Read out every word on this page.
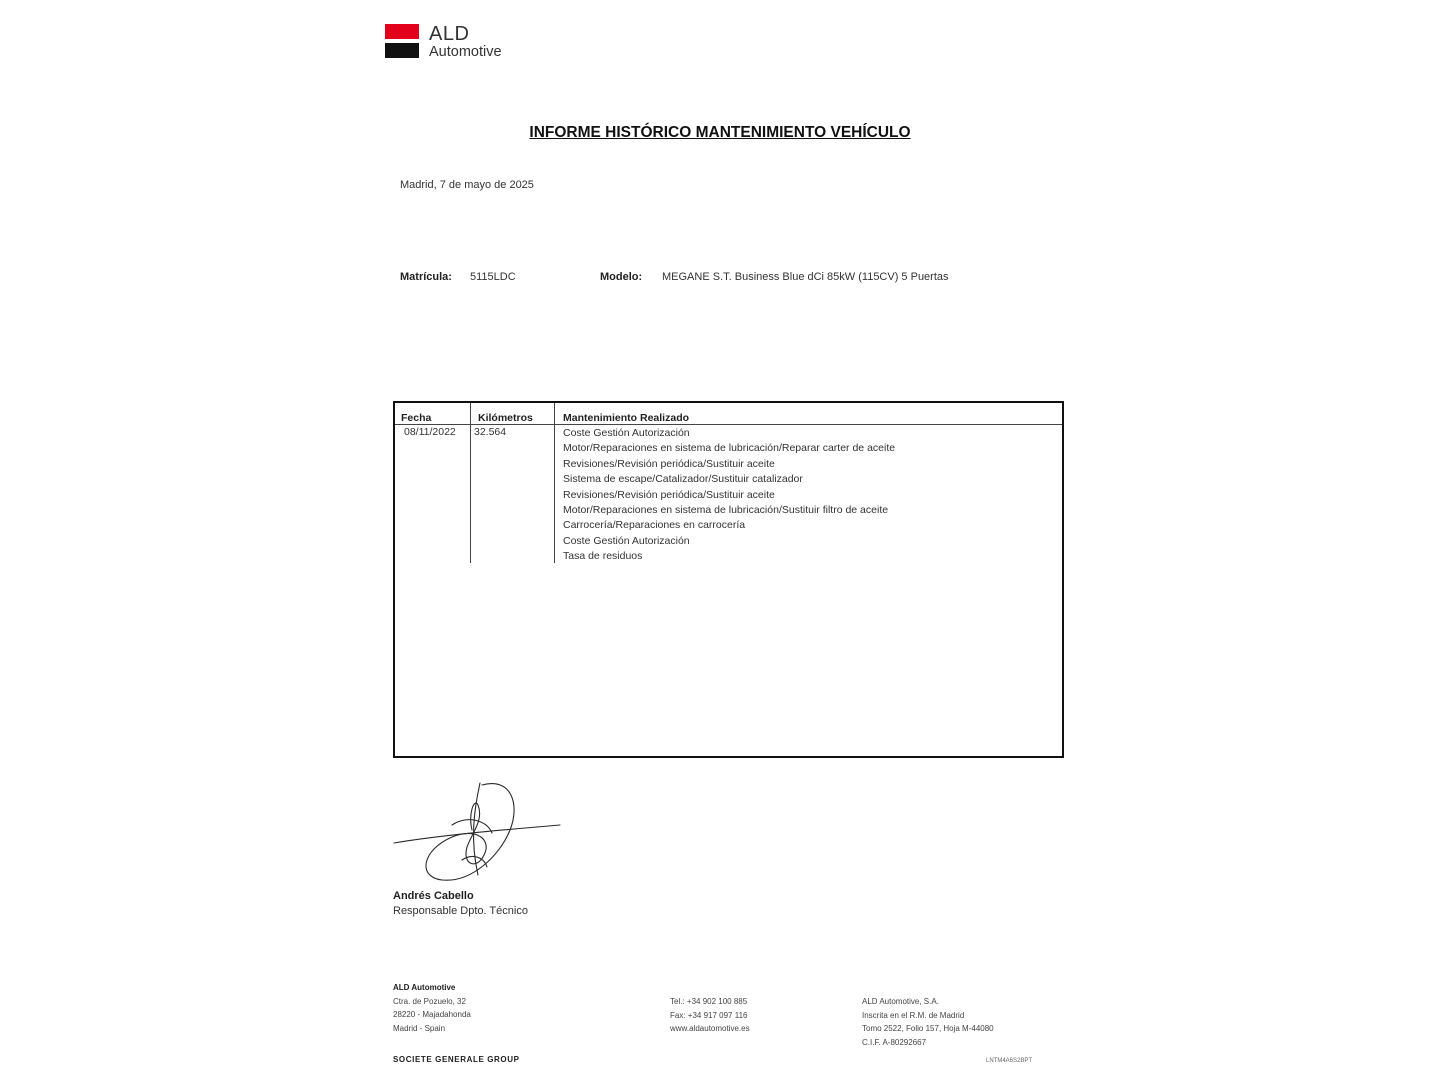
ALD
Automotive
INFORME HISTÓRICO MANTENIMIENTO VEHÍCULO
Madrid, 7 de mayo de 2025
Matrícula: 5115LDC	Modelo: MEGANE S.T. Business Blue dCi 85kW (115CV) 5 Puertas
Fecha	Kilómetros	Mantenimiento Realizado
08/11/2022 32.564	Coste Gestión Autorización
Motor/Reparaciones en sistema de lubricación/Reparar carter de aceite
Revisiones/Revisión periódica/Sustituir aceite
Sistema de escape/Catalizador/Sustituir catalizador
Revisiones/Revisión periódica/Sustituir aceite
Motor/Reparaciones en sistema de lubricación/Sustituir filtro de aceite
Carrocería/Reparaciones en carrocería
Coste Gestión Autorización
Tasa de residuos
Andrés Cabello
Responsable Dpto. Técnico
ALD Automotive
Ctra. de Pozuelo, 32
28220 - Majadahonda
Madrid - Spain
Tel.: +34 902 100 885
Fax: +34 917 097 116
www.aldautomotive.es
ALD Automotive, S.A.
Inscrita en el R.M. de Madrid
Tomo 2522, Folio 157, Hoja M-44080
C.I.F. A-80292667
SOCIETE GENERALE GROUP	LNTM4A6S2BPT
